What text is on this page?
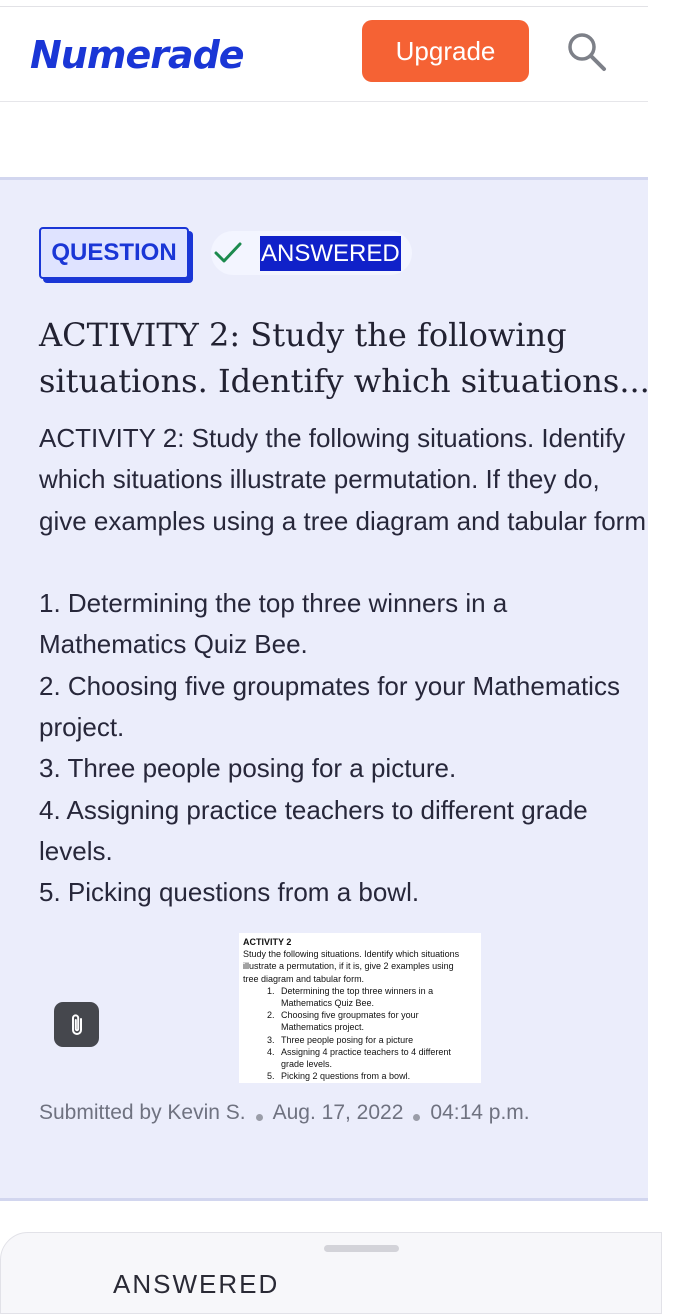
Numerade	Upgrade
QUESTION	ANSWERED
ACTIVITY 2: Study the following
situations. Identify which situations...
ACTIVITY 2: Study the following situations. Identify
which situations illustrate permutation. If they do,
give examples using a tree diagram and tabular form
1. Determining the top three winners in a
Mathematics Quiz Bee.
2. Choosing five groupmates for your Mathematics
project.
3. Three people posing for a picture.
4. Assigning practice teachers to different grade
levels.
5. Picking questions from a bowl.
ACTIVITY 2
Study the following situations. Identify which situations
illustrate a permutation, if it is, give 2 examples using
tree diagram and tabular form.
1. Determining the top three winners in a
Mathematics Quiz Bee.
2. Choosing five groupmates for your
Mathematics project.
3. Three people posing for a picture
4. Assigning 4 practice teachers to 4 different
grade levels.
5. Picking 2 questions from a bowl.
Submitted by Kevin S. Aug. 17, 2022 04:14 p.m.
ANSWERED
